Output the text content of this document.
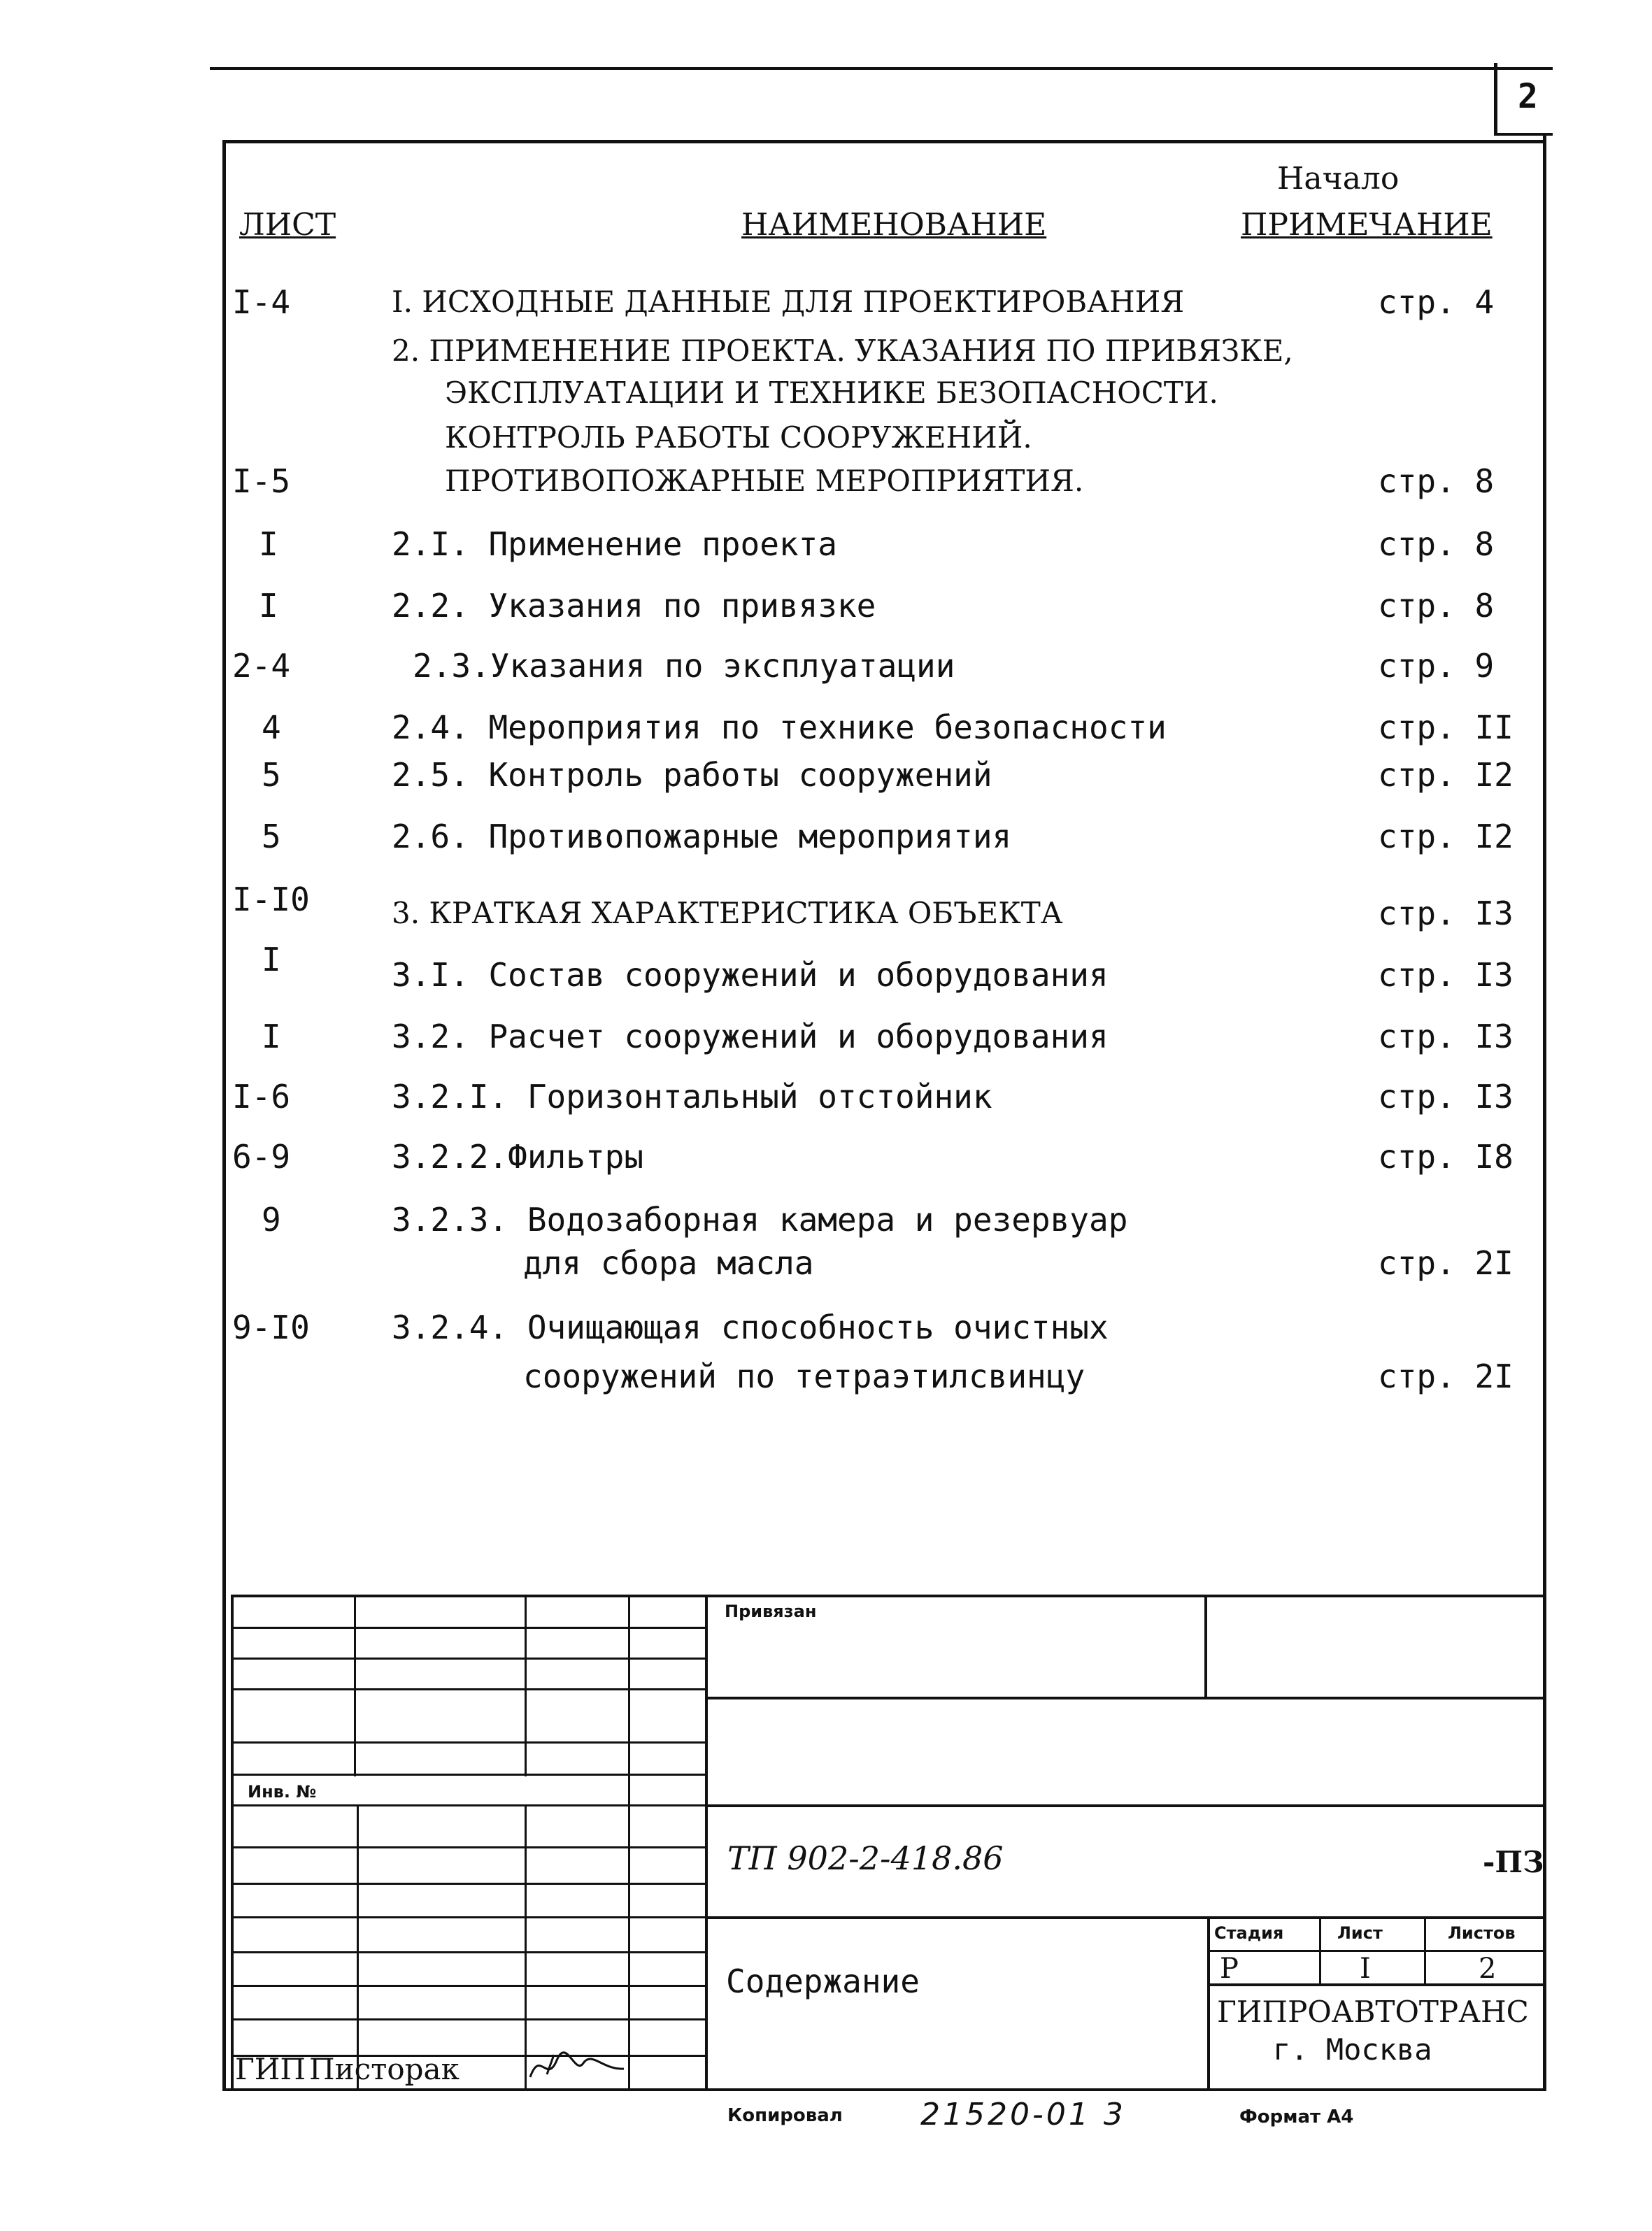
2
Начало
ЛИСТ	НАИМЕНОВАНИЕ	ПРИМЕЧАНИЕ
I-4	I. ИСХОДНЫЕ ДАННЫЕ ДЛЯ ПРОЕКТИРОВАНИЯ	стр. 4
2. ПРИМЕНЕНИЕ ПРОЕКТА. УКАЗАНИЯ ПО ПРИВЯЗКЕ,
ЭКСПЛУАТАЦИИ И ТЕХНИКЕ БЕЗОПАСНОСТИ.
КОНТРОЛЬ РАБОТЫ СООРУЖЕНИЙ.
I-5	ПРОТИВОПОЖАРНЫЕ МЕРОПРИЯТИЯ.	стр. 8
I	2.I. Применение проекта	стр. 8
I	2.2. Указания по привязке	стр. 8
2-4	2.3.Указания по эксплуатации	стр. 9
4	2.4. Мероприятия по технике безопасности	стр. II
5	2.5. Контроль работы сооружений	стр. I2
5	2.6. Противопожарные мероприятия	стр. I2
I-I0	3. КРАТКАЯ ХАРАКТЕРИСТИКА ОБЪЕКТА	стр. I3
I	3.I. Состав сооружений и оборудования	стр. I3
I	3.2. Расчет сооружений и оборудования	стр. I3
I-6	3.2.I. Горизонтальный отстойник	стр. I3
6-9	3.2.2.Фильтры	стр. I8
9	3.2.3. Водозаборная камера и резервуар
для сбора масла	стр. 2I
9-I0	3.2.4. Очищающая способность очистных
сооружений по тетраэтилсвинцу	стр. 2I
Инв. №
Привязан
ТП 902-2-418.86	-ПЗ
Содержание
Стадия	Лист	Листов
Р	I	2
ГИПРОАВТОТРАНС
г. Москва
ГИП Пиcторак
Копировал	21520-01 3	Формат А4
